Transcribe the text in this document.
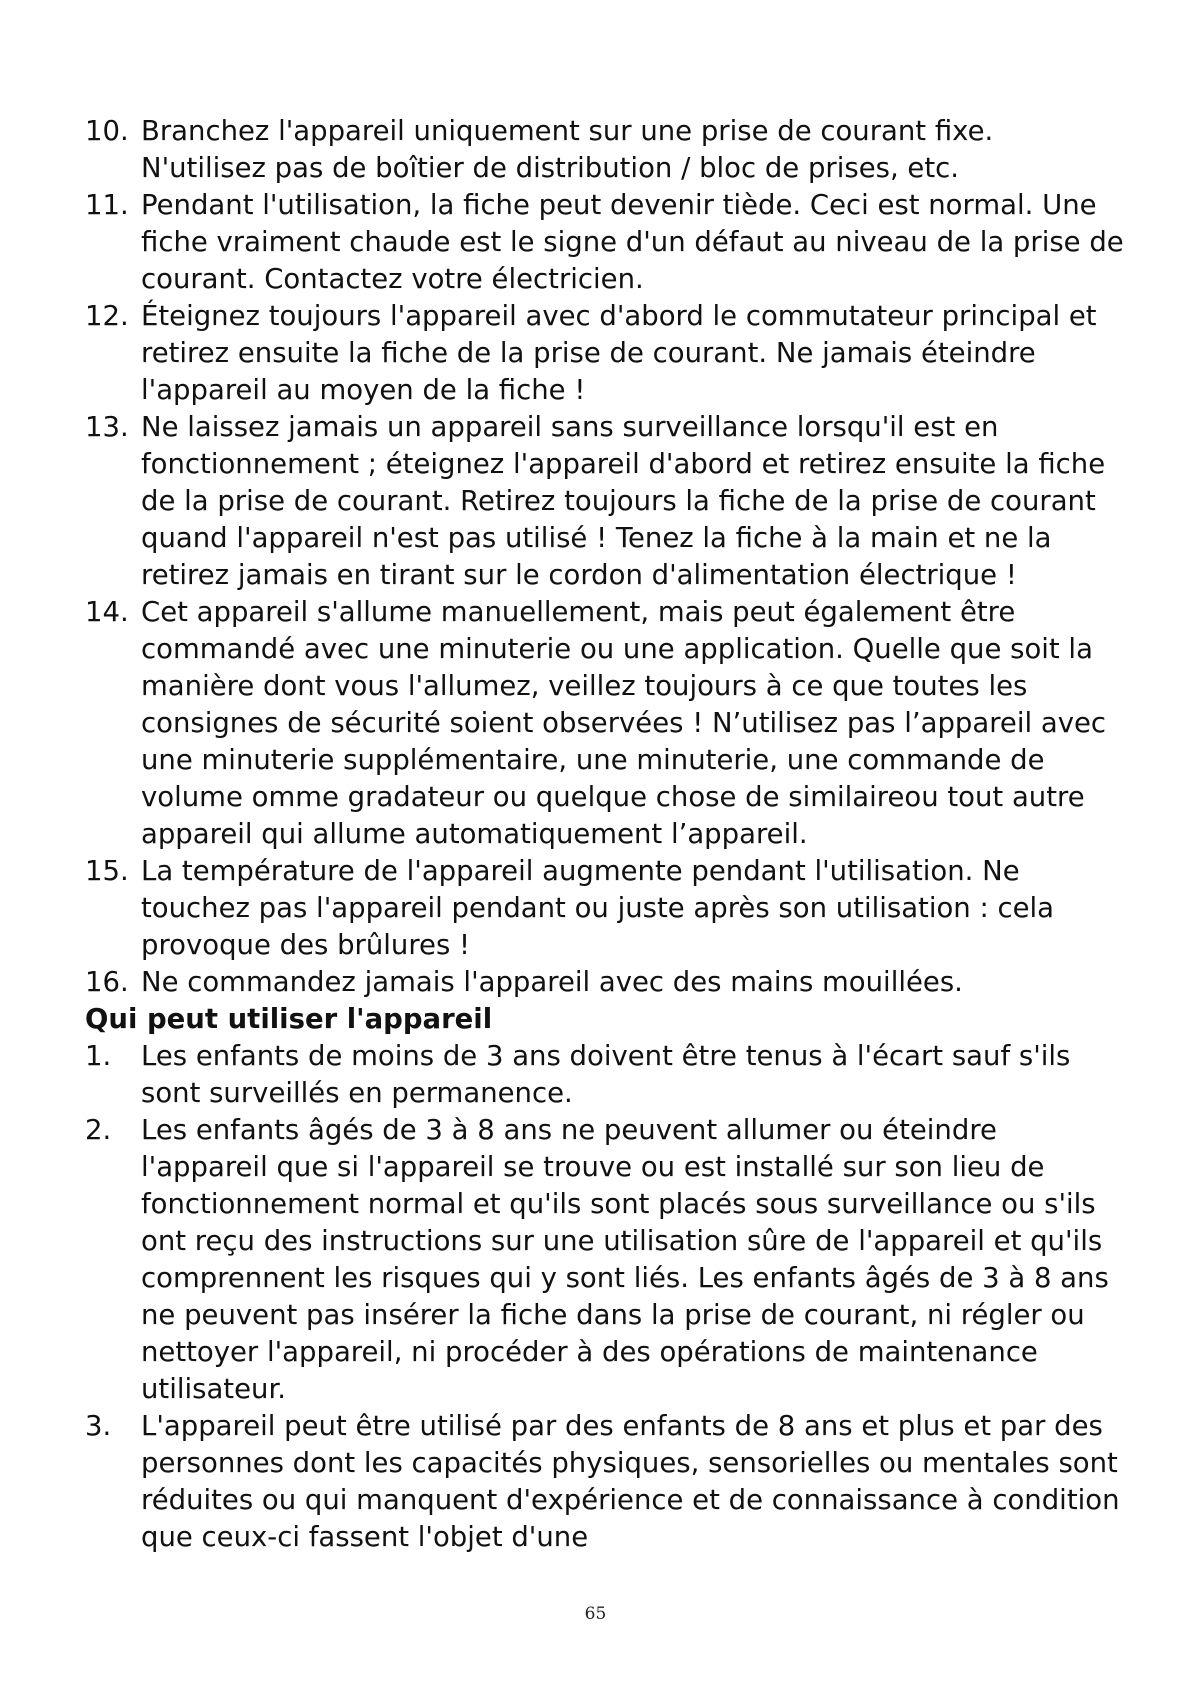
10. Branchez l'appareil uniquement sur une prise de courant fixe. N'utilisez pas de boîtier de distribution / bloc de prises, etc.
11. Pendant l'utilisation, la fiche peut devenir tiède. Ceci est normal. Une fiche vraiment chaude est le signe d'un défaut au niveau de la prise de courant. Contactez votre électricien.
12. Éteignez toujours l'appareil avec d'abord le commutateur principal et retirez ensuite la fiche de la prise de courant. Ne jamais éteindre l'appareil au moyen de la fiche !
13. Ne laissez jamais un appareil sans surveillance lorsqu'il est en fonctionnement ; éteignez l'appareil d'abord et retirez ensuite la fiche de la prise de courant. Retirez toujours la fiche de la prise de courant quand l'appareil n'est pas utilisé ! Tenez la fiche à la main et ne la retirez jamais en tirant sur le cordon d'alimentation électrique !
14. Cet appareil s'allume manuellement, mais peut également être commandé avec une minuterie ou une application. Quelle que soit la manière dont vous l'allumez, veillez toujours à ce que toutes les consignes de sécurité soient observées ! N’utilisez pas l’appareil avec une minuterie supplémentaire, une minuterie, une commande de volume omme gradateur ou quelque chose de similaireou tout autre appareil qui allume automatiquement l’appareil.
15. La température de l'appareil augmente pendant l'utilisation. Ne touchez pas l'appareil pendant ou juste après son utilisation : cela provoque des brûlures !
16. Ne commandez jamais l'appareil avec des mains mouillées.
Qui peut utiliser l'appareil
1.	Les enfants de moins de 3 ans doivent être tenus à l'écart sauf s'ils sont surveillés en permanence.
2.	Les enfants âgés de 3 à 8 ans ne peuvent allumer ou éteindre l'appareil que si l'appareil se trouve ou est installé sur son lieu de fonctionnement normal et qu'ils sont placés sous surveillance ou s'ils ont reçu des instructions sur une utilisation sûre de l'appareil et qu'ils comprennent les risques qui y sont liés. Les enfants âgés de 3 à 8 ans ne peuvent pas insérer la fiche dans la prise de courant, ni régler ou nettoyer l'appareil, ni procéder à des opérations de maintenance utilisateur.
3.	L'appareil peut être utilisé par des enfants de 8 ans et plus et par des personnes dont les capacités physiques, sensorielles ou mentales sont réduites ou qui manquent d'expérience et de connaissance à condition que ceux-ci fassent l'objet d'une
65
